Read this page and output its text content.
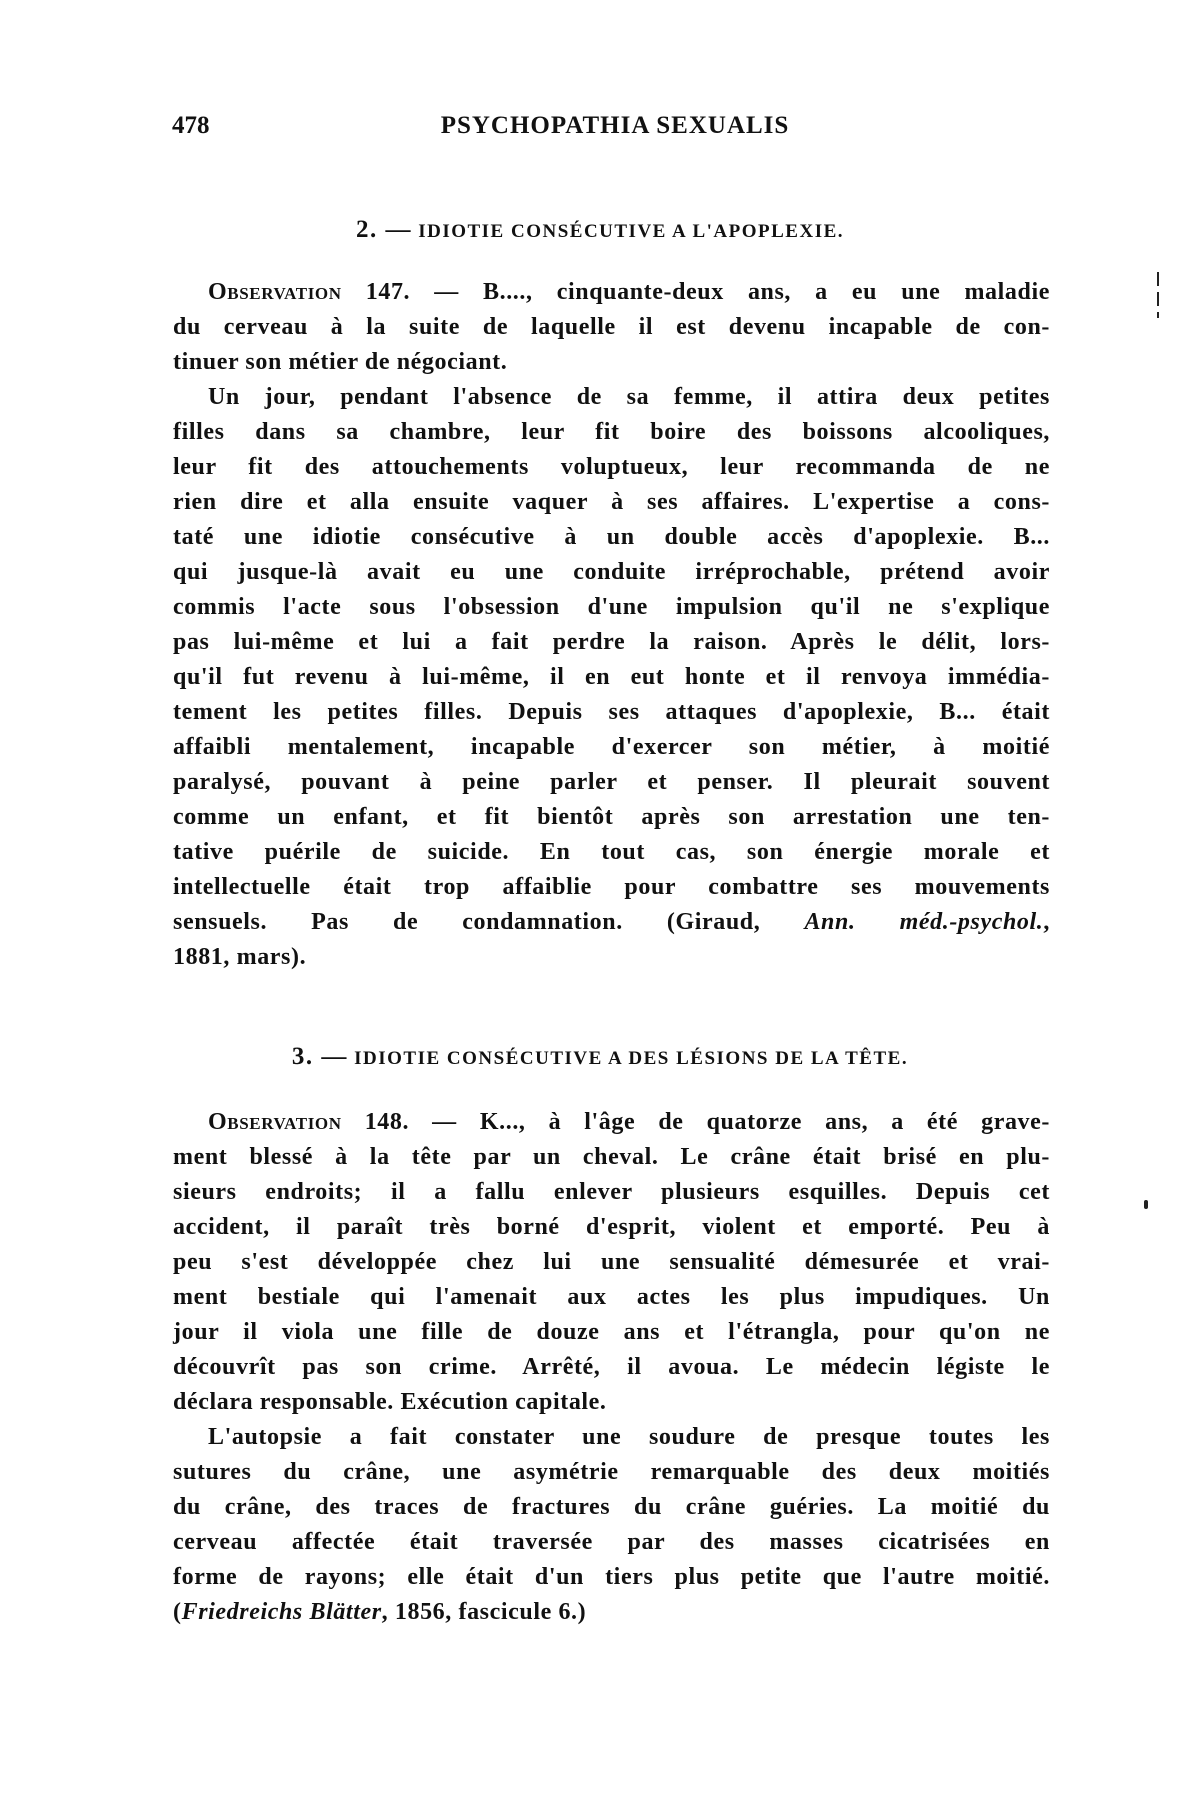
478	PSYCHOPATHIA SEXUALIS
2. — IDIOTIE CONSÉCUTIVE A L'APOPLEXIE.
Observation 147. — B...., cinquante-deux ans, a eu une maladie
du cerveau à la suite de laquelle il est devenu incapable de con-
tinuer son métier de négociant.
Un jour, pendant l'absence de sa femme, il attira deux petites
filles dans sa chambre, leur fit boire des boissons alcooliques,
leur fit des attouchements voluptueux, leur recommanda de ne
rien dire et alla ensuite vaquer à ses affaires. L'expertise a cons-
taté une idiotie consécutive à un double accès d'apoplexie. B...
qui jusque-là avait eu une conduite irréprochable, prétend avoir
commis l'acte sous l'obsession d'une impulsion qu'il ne s'explique
pas lui-même et lui a fait perdre la raison. Après le délit, lors-
qu'il fut revenu à lui-même, il en eut honte et il renvoya immédia-
tement les petites filles. Depuis ses attaques d'apoplexie, B... était
affaibli mentalement, incapable d'exercer son métier, à moitié
paralysé, pouvant à peine parler et penser. Il pleurait souvent
comme un enfant, et fit bientôt après son arrestation une ten-
tative puérile de suicide. En tout cas, son énergie morale et
intellectuelle était trop affaiblie pour combattre ses mouvements
sensuels. Pas de condamnation. (Giraud, Ann. méd.-psychol.,
1881, mars).
3. — IDIOTIE CONSÉCUTIVE A DES LÉSIONS DE LA TÊTE.
Observation 148. — K..., à l'âge de quatorze ans, a été grave-
ment blessé à la tête par un cheval. Le crâne était brisé en plu-
sieurs endroits; il a fallu enlever plusieurs esquilles. Depuis cet
accident, il paraît très borné d'esprit, violent et emporté. Peu à
peu s'est développée chez lui une sensualité démesurée et vrai-
ment bestiale qui l'amenait aux actes les plus impudiques. Un
jour il viola une fille de douze ans et l'étrangla, pour qu'on ne
découvrît pas son crime. Arrêté, il avoua. Le médecin légiste le
déclara responsable. Exécution capitale.
L'autopsie a fait constater une soudure de presque toutes les
sutures du crâne, une asymétrie remarquable des deux moitiés
du crâne, des traces de fractures du crâne guéries. La moitié du
cerveau affectée était traversée par des masses cicatrisées en
forme de rayons; elle était d'un tiers plus petite que l'autre moitié.
(Friedreichs Blätter, 1856, fascicule 6.)
